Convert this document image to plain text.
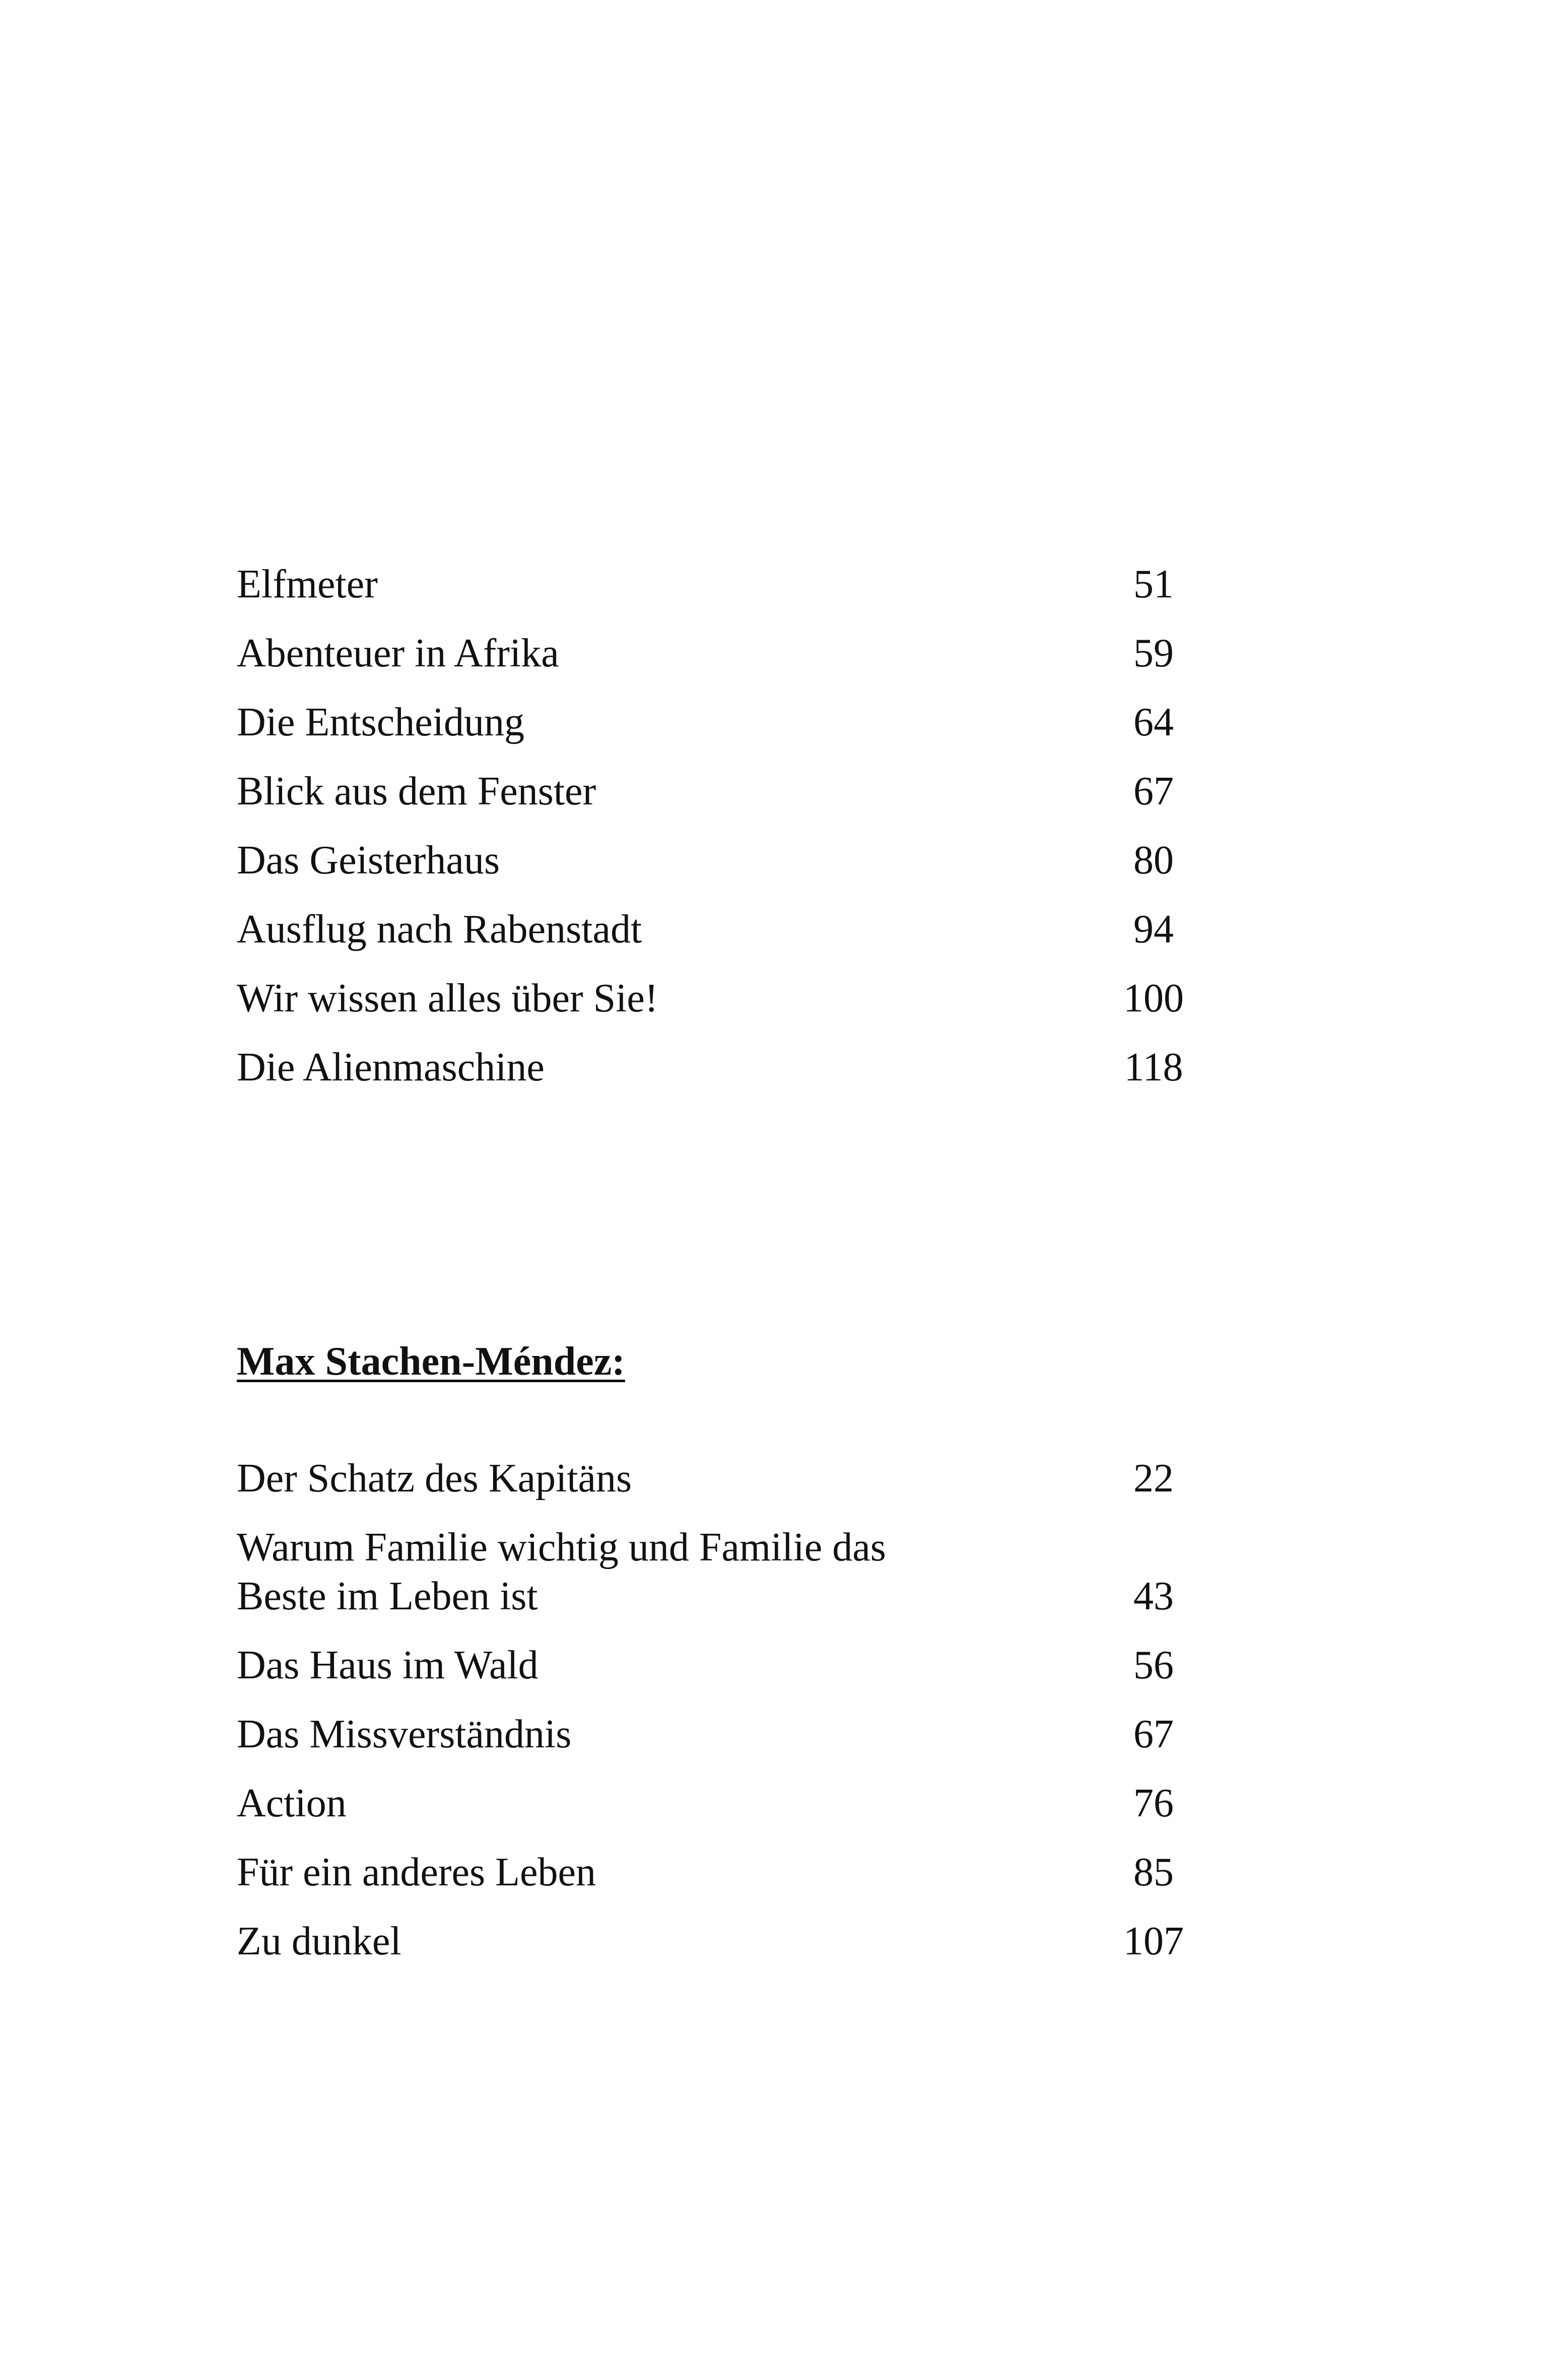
Elfmeter	51
Abenteuer in Afrika	59
Die Entscheidung	64
Blick aus dem Fenster	67
Das Geisterhaus	80
Ausflug nach Rabenstadt	94
Wir wissen alles über Sie!	100
Die Alienmaschine	118
Max Stachen-Méndez:
Der Schatz des Kapitäns	22
Warum Familie wichtig und Familie das
Beste im Leben ist	43
Das Haus im Wald	56
Das Missverständnis	67
Action	76
Für ein anderes Leben	85
Zu dunkel	107
